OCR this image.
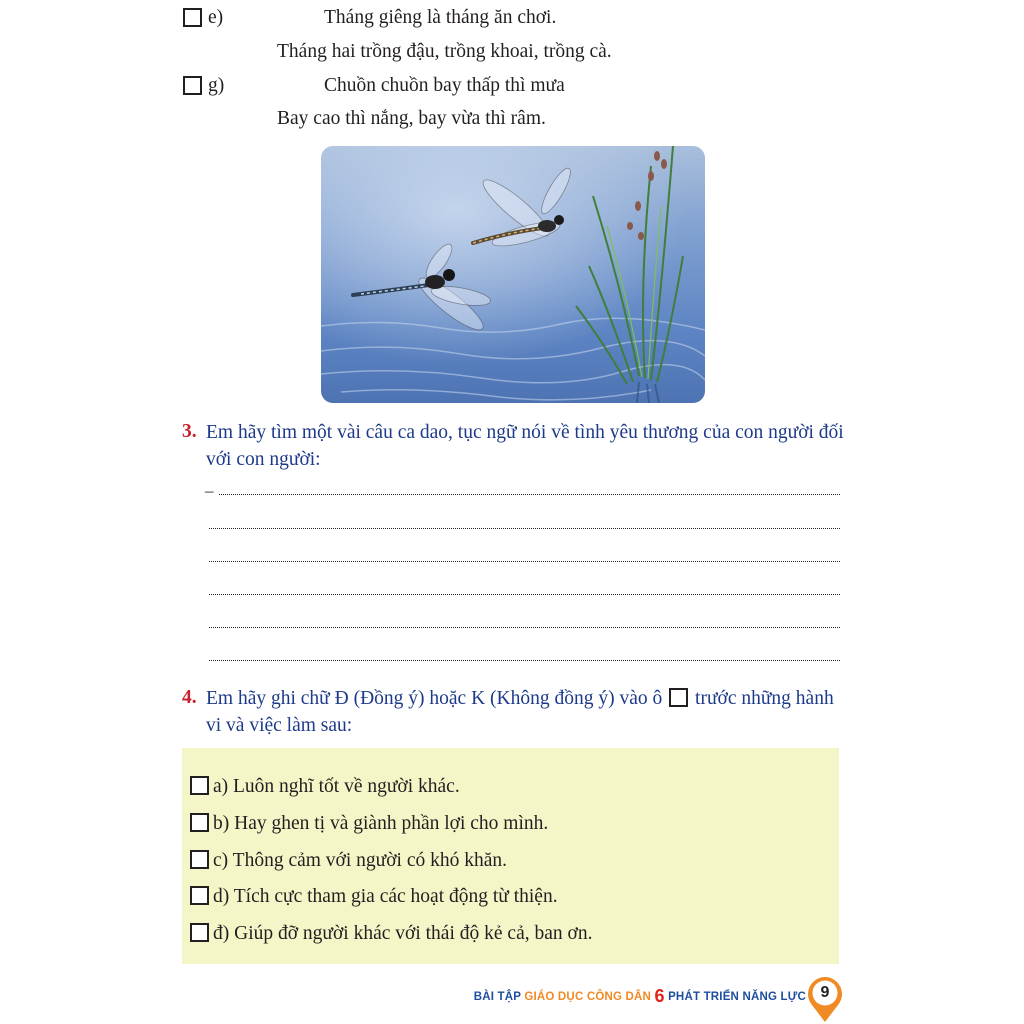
e)	Tháng giêng là tháng ăn chơi.
Tháng hai trồng đậu, trồng khoai, trồng cà.
g)	Chuồn chuồn bay thấp thì mưa
Bay cao thì nắng, bay vừa thì râm.
3. Em hãy tìm một vài câu ca dao, tục ngữ nói về tình yêu thương của con người đối
với con người:
–
4. Em hãy ghi chữ Đ (Đồng ý) hoặc K (Không đồng ý) vào ô trước những hành
vi và việc làm sau:
a) Luôn nghĩ tốt về người khác.
b) Hay ghen tị và giành phần lợi cho mình.
c) Thông cảm với người có khó khăn.
d) Tích cực tham gia các hoạt động từ thiện.
đ) Giúp đỡ người khác với thái độ kẻ cả, ban ơn.
BÀI TẬP GIÁO DỤC CÔNG DÂN 6 PHÁT TRIỂN NĂNG LỰC 9
